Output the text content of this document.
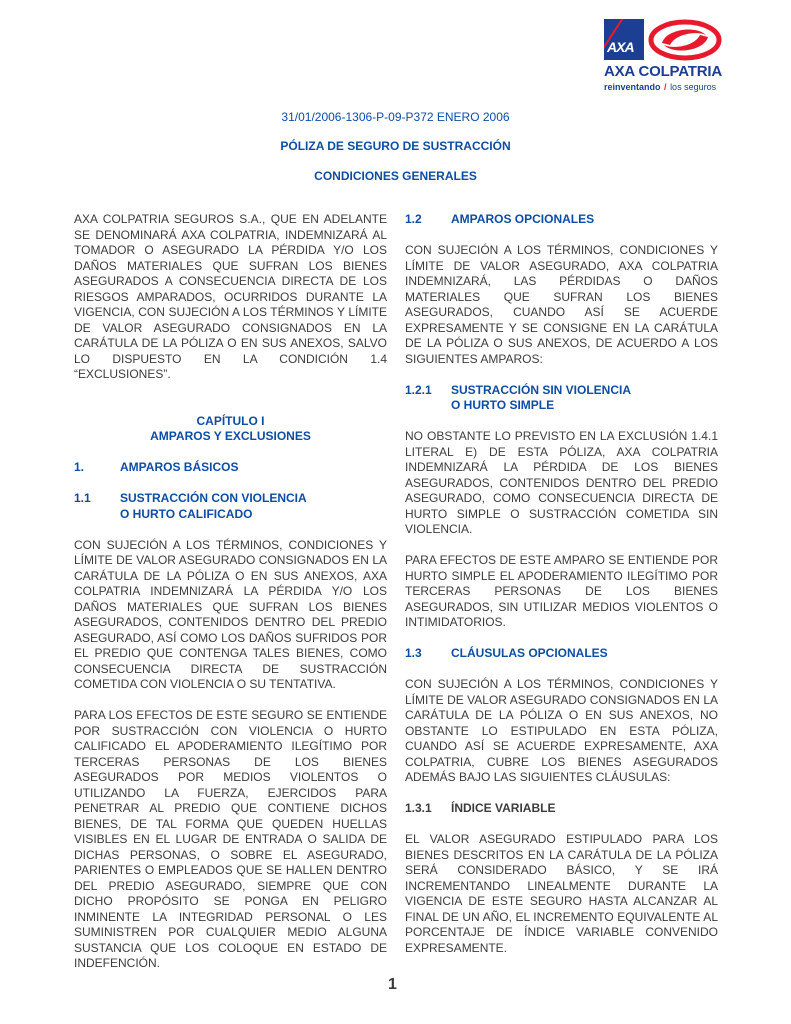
AXA
AXA COLPATRIA
reinventando / los seguros
31/01/2006-1306-P-09-P372 ENERO 2006
PÓLIZA DE SEGURO DE SUSTRACCIÓN
CONDICIONES GENERALES

AXA COLPATRIA SEGUROS S.A., QUE EN ADELANTE SE DENOMINARÁ AXA COLPATRIA, INDEMNIZARÁ AL TOMADOR O ASEGURADO LA PÉRDIDA Y/O LOS DAÑOS MATERIALES QUE SUFRAN LOS BIENES ASEGURADOS A CONSECUENCIA DIRECTA DE LOS RIESGOS AMPARADOS, OCURRIDOS DURANTE LA VIGENCIA, CON SUJECIÓN A LOS TÉRMINOS Y LÍMITE DE VALOR ASEGURADO CONSIGNADOS EN LA CARÁTULA DE LA PÓLIZA O EN SUS ANEXOS, SALVO LO DISPUESTO EN LA CONDICIÓN 1.4 “EXCLUSIONES”.

CAPÍTULO I
AMPAROS Y EXCLUSIONES
1.	AMPAROS BÁSICOS
1.1	SUSTRACCIÓN CON VIOLENCIA
O HURTO CALIFICADO

CON SUJECIÓN A LOS TÉRMINOS, CONDICIONES Y LÍMITE DE VALOR ASEGURADO CONSIGNADOS EN LA CARÁTULA DE LA PÓLIZA O EN SUS ANEXOS, AXA COLPATRIA INDEMNIZARÁ LA PÉRDIDA Y/O LOS DAÑOS MATERIALES QUE SUFRAN LOS BIENES ASEGURADOS, CONTENIDOS DENTRO DEL PREDIO ASEGURADO, ASÍ COMO LOS DAÑOS SUFRIDOS POR EL PREDIO QUE CONTENGA TALES BIENES, COMO CONSECUENCIA DIRECTA DE SUSTRACCIÓN COMETIDA CON VIOLENCIA O SU TENTATIVA.

PARA LOS EFECTOS DE ESTE SEGURO SE ENTIENDE POR SUSTRACCIÓN CON VIOLENCIA O HURTO CALIFICADO EL APODERAMIENTO ILEGÍTIMO POR TERCERAS PERSONAS DE LOS BIENES ASEGURADOS POR MEDIOS VIOLENTOS O UTILIZANDO LA FUERZA, EJERCIDOS PARA PENETRAR AL PREDIO QUE CONTIENE DICHOS BIENES, DE TAL FORMA QUE QUEDEN HUELLAS VISIBLES EN EL LUGAR DE ENTRADA O SALIDA DE DICHAS PERSONAS, O SOBRE EL ASEGURADO, PARIENTES O EMPLEADOS QUE SE HALLEN DENTRO DEL PREDIO ASEGURADO, SIEMPRE QUE CON DICHO PROPÓSITO SE PONGA EN PELIGRO INMINENTE LA INTEGRIDAD PERSONAL O LES SUMINISTREN POR CUALQUIER MEDIO ALGUNA SUSTANCIA QUE LOS COLOQUE EN ESTADO DE INDEFENCIÓN.

1.2	AMPAROS OPCIONALES

CON SUJECIÓN A LOS TÉRMINOS, CONDICIONES Y LÍMITE DE VALOR ASEGURADO, AXA COLPATRIA INDEMNIZARÁ, LAS PÉRDIDAS O DAÑOS MATERIALES QUE SUFRAN LOS BIENES ASEGURADOS, CUANDO ASÍ SE ACUERDE EXPRESAMENTE Y SE CONSIGNE EN LA CARÁTULA DE LA PÓLIZA O SUS ANEXOS, DE ACUERDO A LOS SIGUIENTES AMPAROS:

1.2.1	SUSTRACCIÓN SIN VIOLENCIA
O HURTO SIMPLE

NO OBSTANTE LO PREVISTO EN LA EXCLUSIÓN 1.4.1 LITERAL E) DE ESTA PÓLIZA, AXA COLPATRIA INDEMNIZARÁ LA PÉRDIDA DE LOS BIENES ASEGURADOS, CONTENIDOS DENTRO DEL PREDIO ASEGURADO, COMO CONSECUENCIA DIRECTA DE HURTO SIMPLE O SUSTRACCIÓN COMETIDA SIN VIOLENCIA.

PARA EFECTOS DE ESTE AMPARO SE ENTIENDE POR HURTO SIMPLE EL APODERAMIENTO ILEGÍTIMO POR TERCERAS PERSONAS DE LOS BIENES ASEGURADOS, SIN UTILIZAR MEDIOS VIOLENTOS O INTIMIDATORIOS.

1.3	CLÁUSULAS OPCIONALES

CON SUJECIÓN A LOS TÉRMINOS, CONDICIONES Y LÍMITE DE VALOR ASEGURADO CONSIGNADOS EN LA CARÁTULA DE LA PÓLIZA O EN SUS ANEXOS, NO OBSTANTE LO ESTIPULADO EN ESTA PÓLIZA, CUANDO ASÍ SE ACUERDE EXPRESAMENTE, AXA COLPATRIA, CUBRE LOS BIENES ASEGURADOS ADEMÁS BAJO LAS SIGUIENTES CLÁUSULAS:

1.3.1	ÍNDICE VARIABLE

EL VALOR ASEGURADO ESTIPULADO PARA LOS BIENES DESCRITOS EN LA CARÁTULA DE LA PÓLIZA SERÁ CONSIDERADO BÁSICO, Y SE IRÁ INCREMENTANDO LINEALMENTE DURANTE LA VIGENCIA DE ESTE SEGURO HASTA ALCANZAR AL FINAL DE UN AÑO, EL INCREMENTO EQUIVALENTE AL PORCENTAJE DE ÍNDICE VARIABLE CONVENIDO EXPRESAMENTE.

1
